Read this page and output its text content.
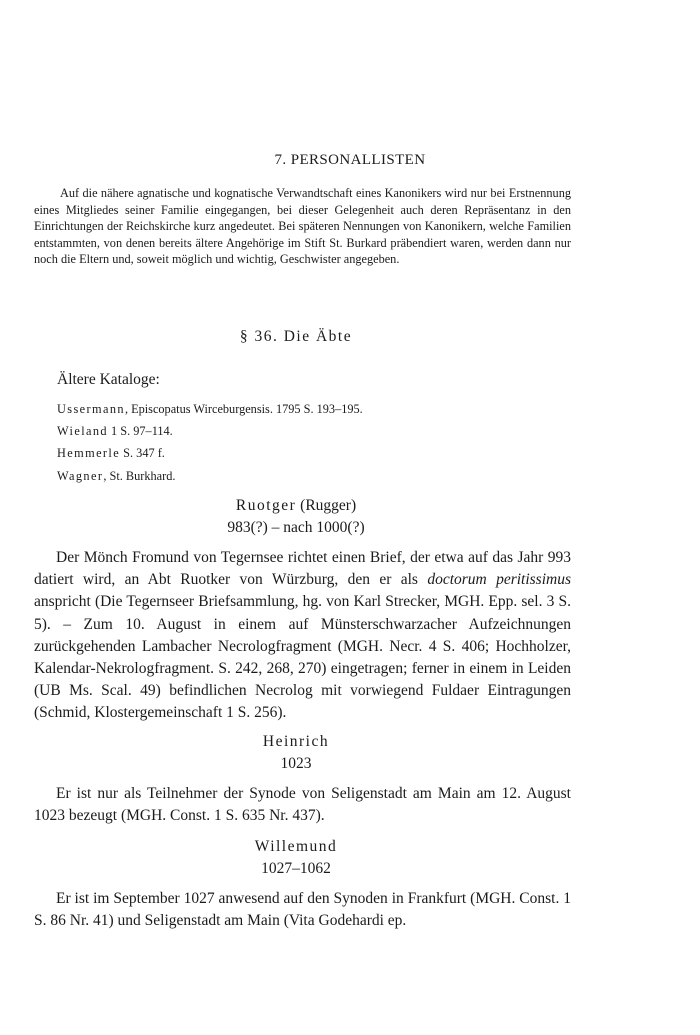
7. PERSONALLISTEN

Auf die nähere agnatische und kognatische Verwandtschaft eines Kanonikers wird nur bei Erstnennung eines Mitgliedes seiner Familie eingegangen, bei dieser Gelegenheit auch deren Repräsentanz in den Einrichtungen der Reichskirche kurz angedeutet. Bei späteren Nennungen von Kanonikern, welche Familien entstammten, von denen bereits ältere Angehörige im Stift St. Burkard präbendiert waren, werden dann nur noch die Eltern und, soweit möglich und wichtig, Geschwister angegeben.

§ 36. Die Äbte

Ältere Kataloge:

Ussermann, Episcopatus Wirceburgensis. 1795 S. 193–195.
Wieland 1 S. 97–114.
Hemmerle S. 347 f.
Wagner, St. Burkhard.
Ruotger (Rugger)
983(?) – nach 1000(?)

Der Mönch Fromund von Tegernsee richtet einen Brief, der etwa auf das Jahr 993 datiert wird, an Abt Ruotker von Würzburg, den er als doctorum peritissimus anspricht (Die Tegernseer Briefsammlung, hg. von Karl Strecker, MGH. Epp. sel. 3 S. 5). – Zum 10. August in einem auf Münsterschwarzacher Aufzeichnungen zurückgehenden Lambacher Necrologfragment (MGH. Necr. 4 S. 406; Hochholzer, Kalendar-Nekrologfragment. S. 242, 268, 270) eingetragen; ferner in einem in Leiden (UB Ms. Scal. 49) befindlichen Necrolog mit vorwiegend Fuldaer Eintragungen (Schmid, Klostergemeinschaft 1 S. 256).

Heinrich
1023

Er ist nur als Teilnehmer der Synode von Seligenstadt am Main am 12. August 1023 bezeugt (MGH. Const. 1 S. 635 Nr. 437).

Willemund
1027–1062

Er ist im September 1027 anwesend auf den Synoden in Frankfurt (MGH. Const. 1 S. 86 Nr. 41) und Seligenstadt am Main (Vita Godehardi ep.
